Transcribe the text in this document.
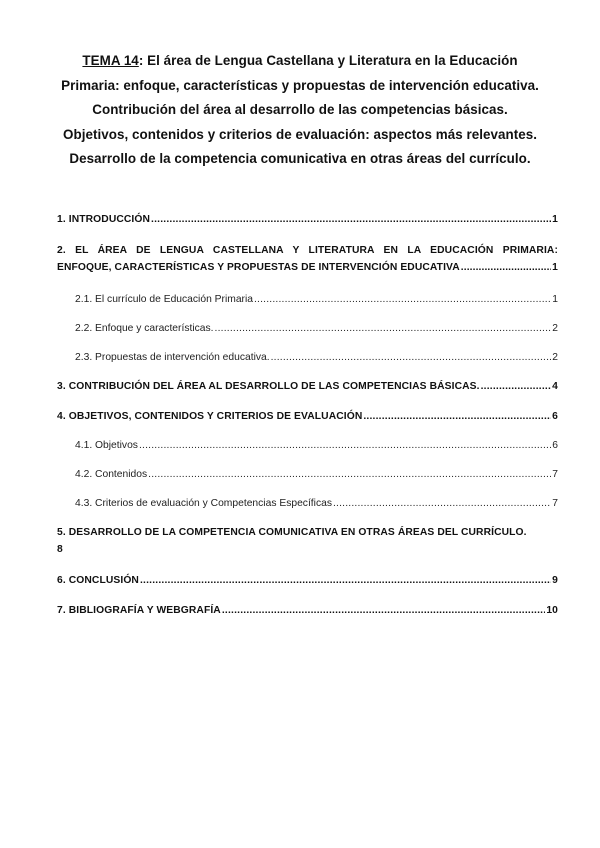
TEMA 14: El área de Lengua Castellana y Literatura en la Educación
Primaria: enfoque, características y propuestas de intervención educativa.
Contribución del área al desarrollo de las competencias básicas.
Objetivos, contenidos y criterios de evaluación: aspectos más relevantes.
Desarrollo de la competencia comunicativa en otras áreas del currículo.
1. INTRODUCCIÓN .....	1
2. EL ÁREA DE LENGUA CASTELLANA Y LITERATURA EN LA EDUCACIÓN PRIMARIA:
ENFOQUE, CARACTERÍSTICAS Y PROPUESTAS DE INTERVENCIÓN EDUCATIVA .....	1
2.1. El currículo de Educación Primaria .....	1
2.2. Enfoque y características. .....	2
2.3. Propuestas de intervención educativa. .....	2
3. CONTRIBUCIÓN DEL ÁREA AL DESARROLLO DE LAS COMPETENCIAS BÁSICAS. .....	4
4. OBJETIVOS, CONTENIDOS Y CRITERIOS DE EVALUACIÓN .....	6
4.1. Objetivos .....	6
4.2. Contenidos .....	7
4.3. Criterios de evaluación y Competencias Específicas .....	7
5. DESARROLLO DE LA COMPETENCIA COMUNICATIVA EN OTRAS ÁREAS DEL CURRÍCULO.
8
6. CONCLUSIÓN .....	9
7. BIBLIOGRAFÍA Y WEBGRAFÍA .....	10
